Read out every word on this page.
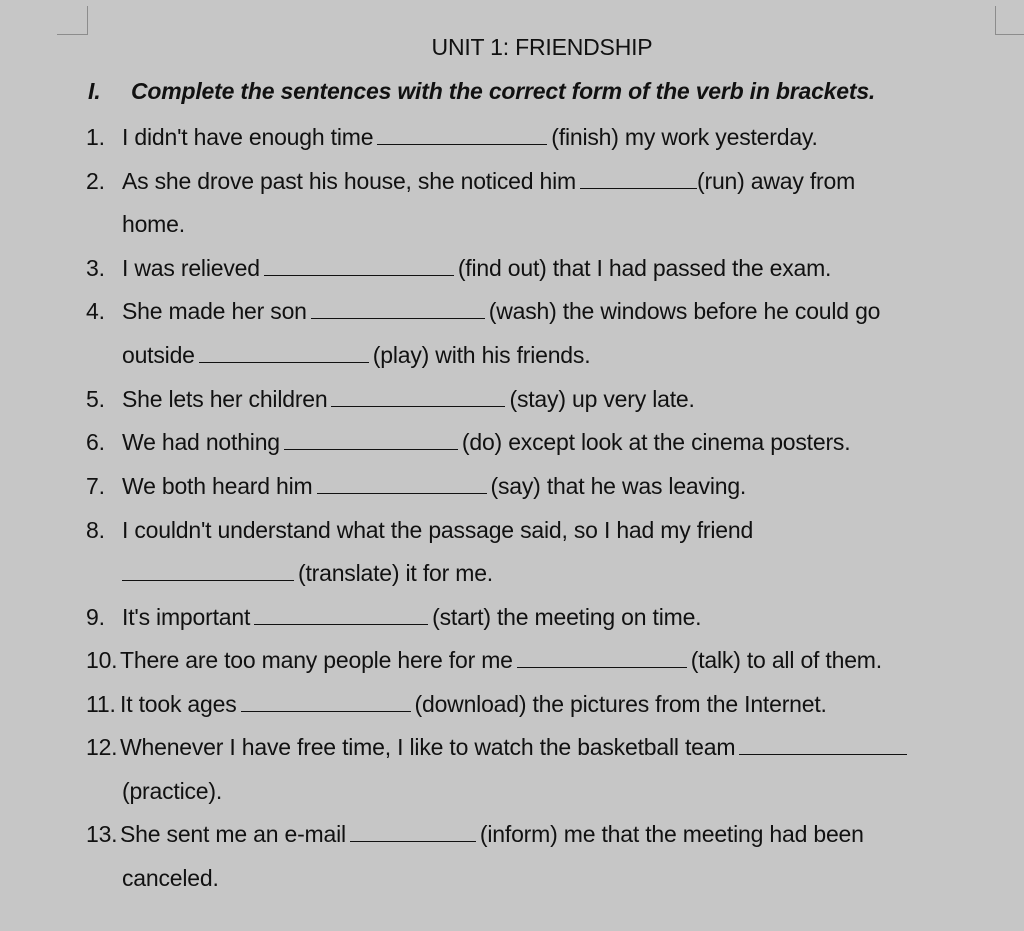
UNIT 1: FRIENDSHIP
I. Complete the sentences with the correct form of the verb in brackets.
1. I didn't have enough time	(finish) my work yesterday.
2. As she drove past his house, she noticed him	(run) away from
home.
3. I was relieved	(find out) that I had passed the exam.
4. She made her son	(wash) the windows before he could go
outside	(play) with his friends.
5. She lets her children	(stay) up very late.
6. We had nothing	(do) except look at the cinema posters.
7. We both heard him	(say) that he was leaving.
8. I couldn't understand what the passage said, so I had my friend
(translate) it for me.
9. It's important	(start) the meeting on time.
10. There are too many people here for me	(talk) to all of them.
11. It took ages	(download) the pictures from the Internet.
12. Whenever I have free time, I like to watch the basketball team
(practice).
13. She sent me an e-mail	(inform) me that the meeting had been
canceled.
